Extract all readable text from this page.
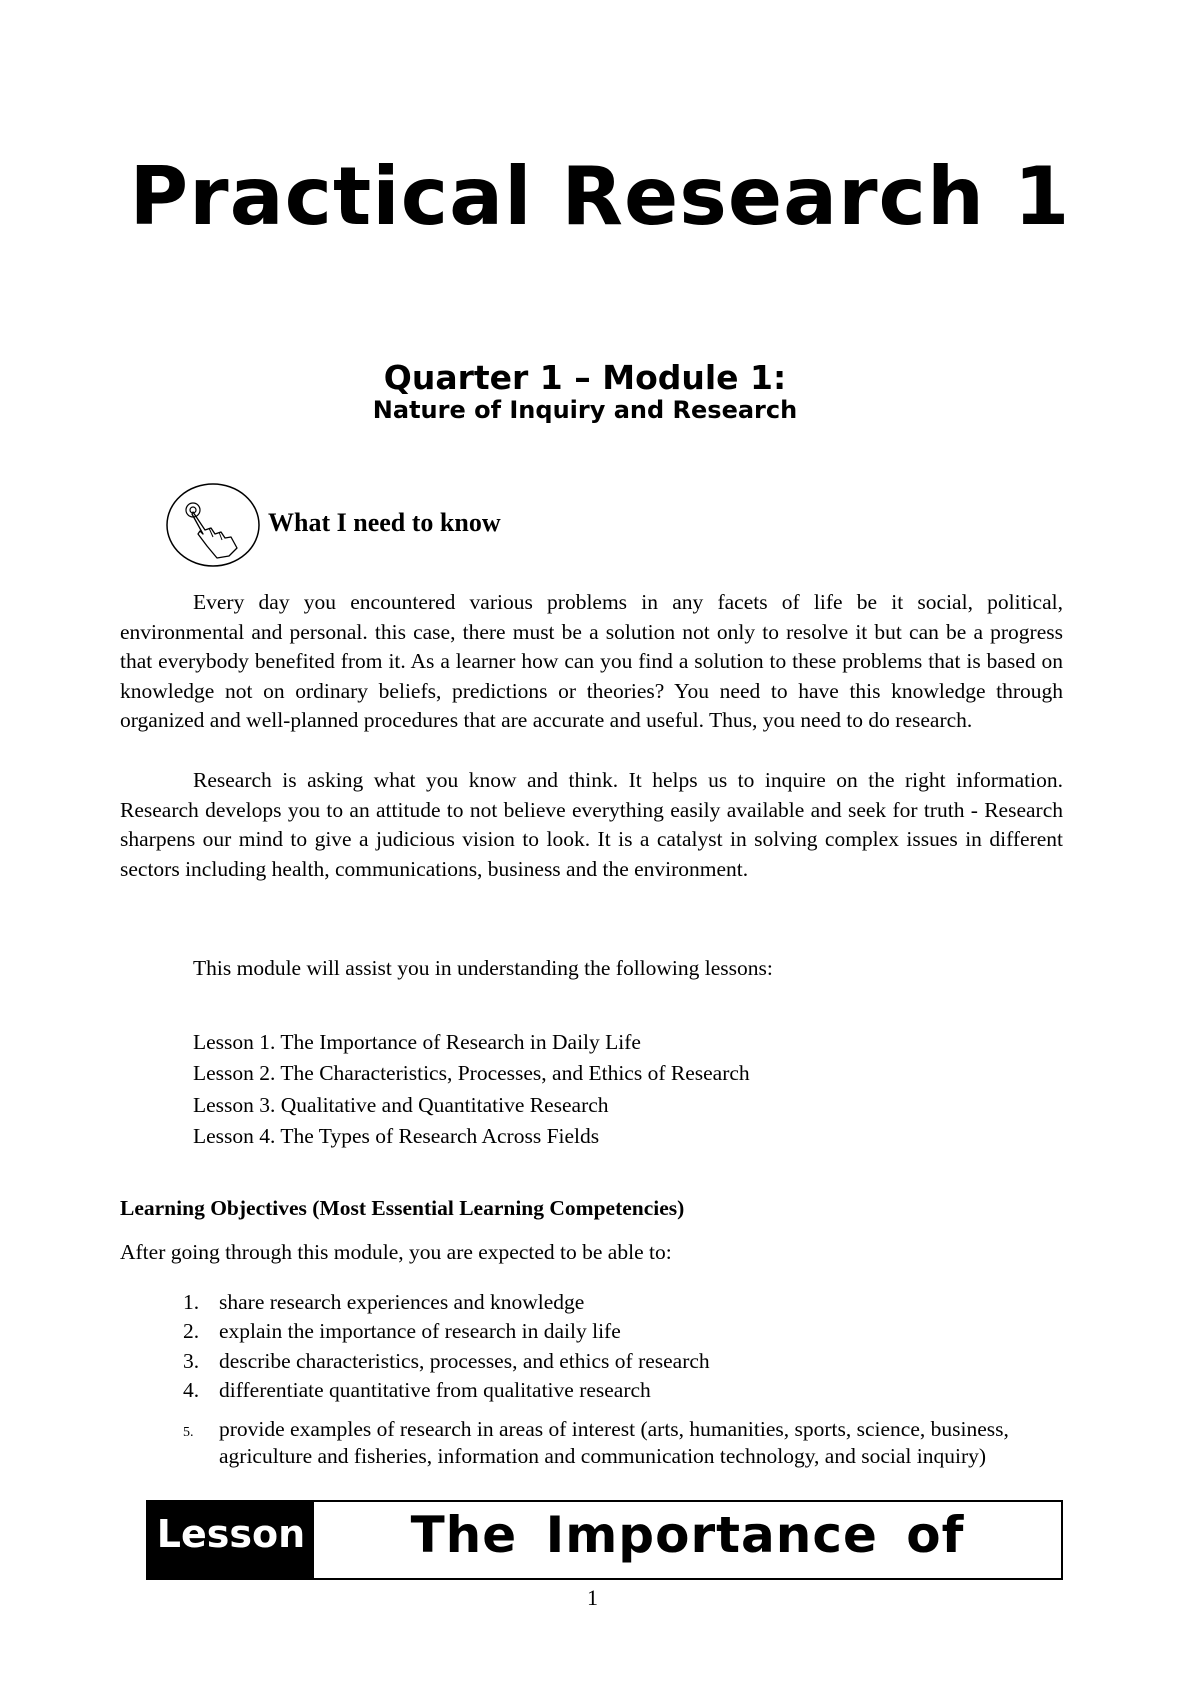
Practical Research 1
Quarter 1 – Module 1:
Nature of Inquiry and Research
What I need to know
Every day you encountered various problems in any facets of life be it social, political, environmental and personal. this case, there must be a solution not only to resolve it but can be a progress that everybody benefited from it. As a learner how can you find a solution to these problems that is based on knowledge not on ordinary beliefs, predictions or theories? You need to have this knowledge through organized and well-planned procedures that are accurate and useful. Thus, you need to do research.
Research is asking what you know and think. It helps us to inquire on the right information. Research develops you to an attitude to not believe everything easily available and seek for truth - Research sharpens our mind to give a judicious vision to look. It is a catalyst in solving complex issues in different sectors including health, communications, business and the environment.
This module will assist you in understanding the following lessons:
Lesson 1. The Importance of Research in Daily Life
Lesson 2. The Characteristics, Processes, and Ethics of Research
Lesson 3. Qualitative and Quantitative Research
Lesson 4. The Types of Research Across Fields
Learning Objectives (Most Essential Learning Competencies)
After going through this module, you are expected to be able to:
1. share research experiences and knowledge
2. explain the importance of research in daily life
3. describe characteristics, processes, and ethics of research
4. differentiate quantitative from qualitative research
5.	provide examples of research in areas of interest (arts, humanities, sports, science, business, agriculture and fisheries, information and communication technology, and social inquiry)
Lesson	The Importance of
1
